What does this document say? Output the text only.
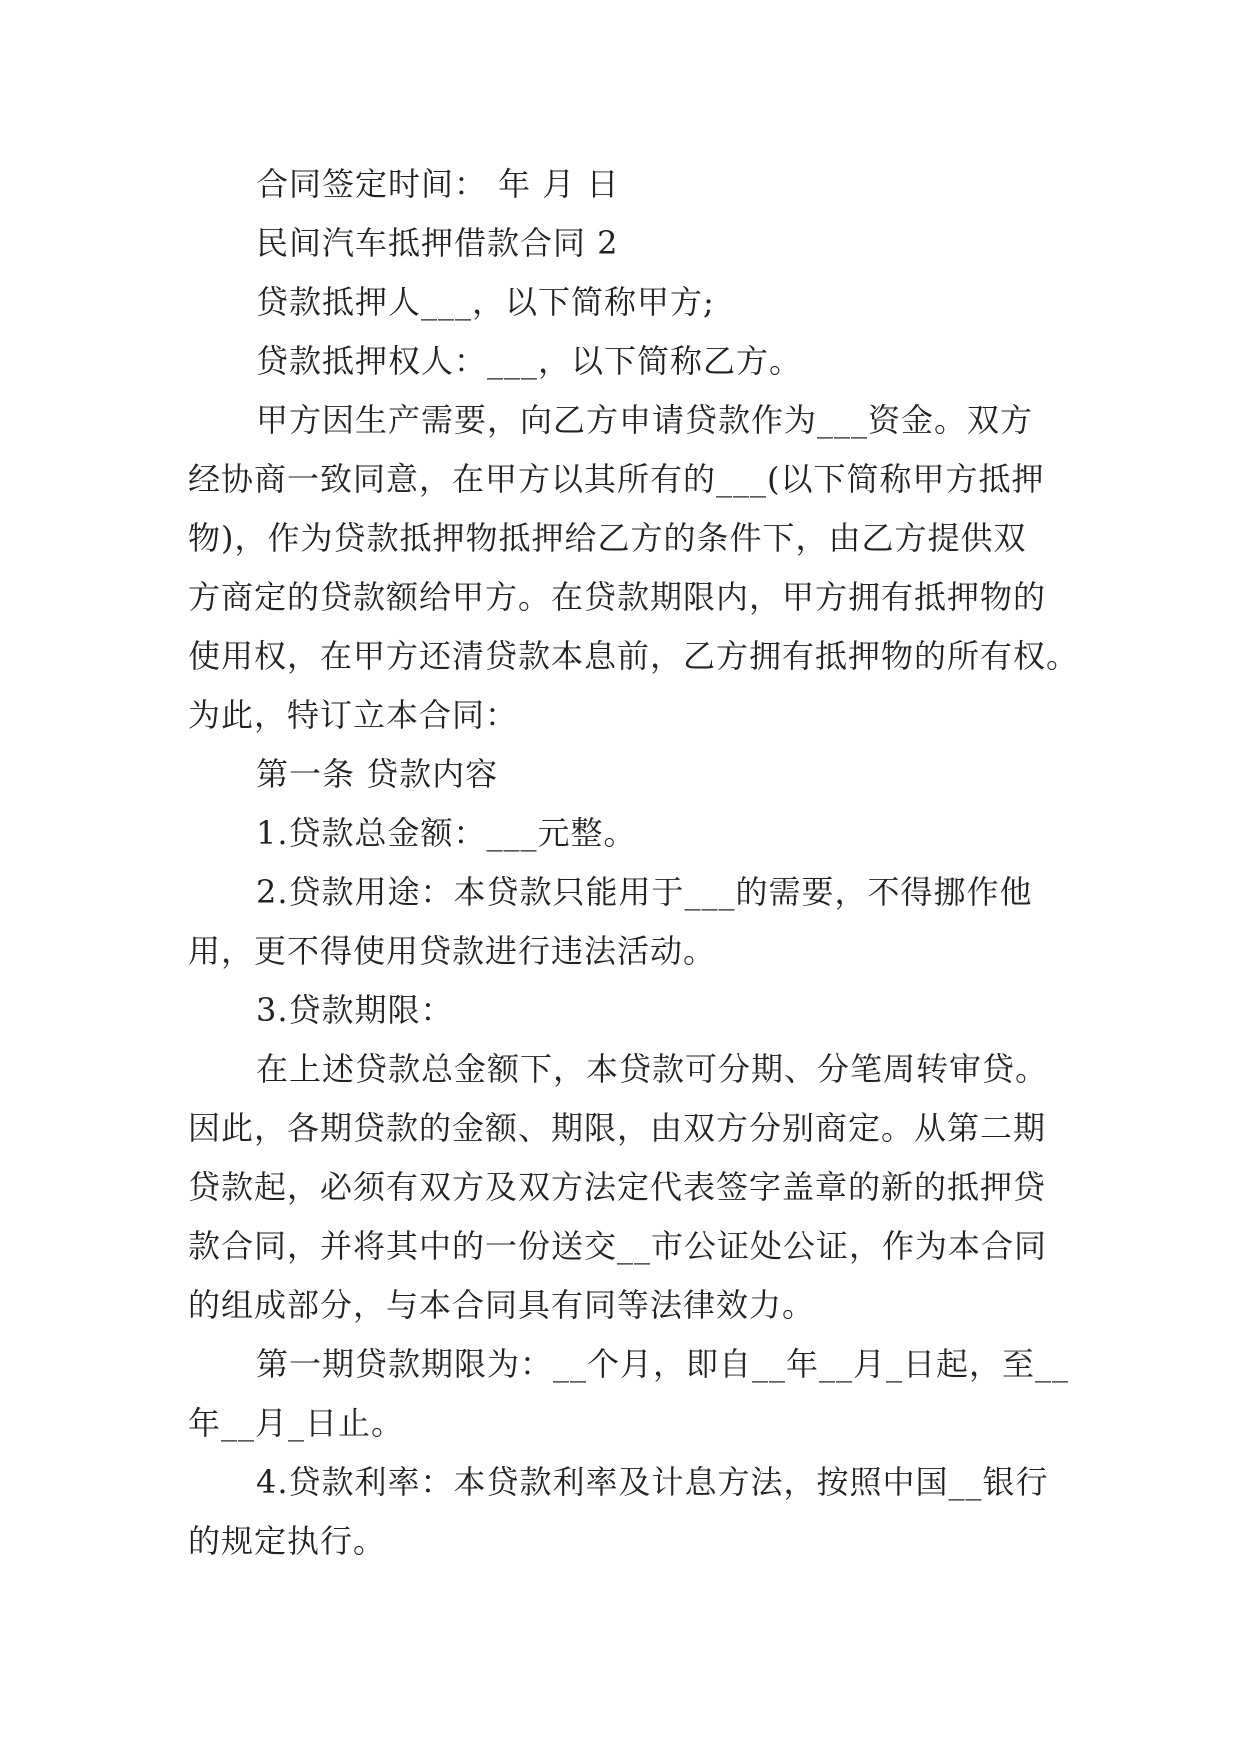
合同签定时间： 年 月 日
民间汽车抵押借款合同 2
贷款抵押人___，以下简称甲方;
贷款抵押权人：___，以下简称乙方。
甲方因生产需要，向乙方申请贷款作为___资金。双方
经协商一致同意，在甲方以其所有的___(以下简称甲方抵押
物)，作为贷款抵押物抵押给乙方的条件下，由乙方提供双
方商定的贷款额给甲方。在贷款期限内，甲方拥有抵押物的
使用权，在甲方还清贷款本息前，乙方拥有抵押物的所有权。
为此，特订立本合同：
第一条 贷款内容
1.贷款总金额：___元整。
2.贷款用途：本贷款只能用于___的需要，不得挪作他
用，更不得使用贷款进行违法活动。
3.贷款期限：
在上述贷款总金额下，本贷款可分期、分笔周转审贷。
因此，各期贷款的金额、期限，由双方分别商定。从第二期
贷款起，必须有双方及双方法定代表签字盖章的新的抵押贷
款合同，并将其中的一份送交__市公证处公证，作为本合同
的组成部分，与本合同具有同等法律效力。
第一期贷款期限为：__个月，即自__年__月_日起，至__
年__月_日止。
4.贷款利率：本贷款利率及计息方法，按照中国__银行
的规定执行。
